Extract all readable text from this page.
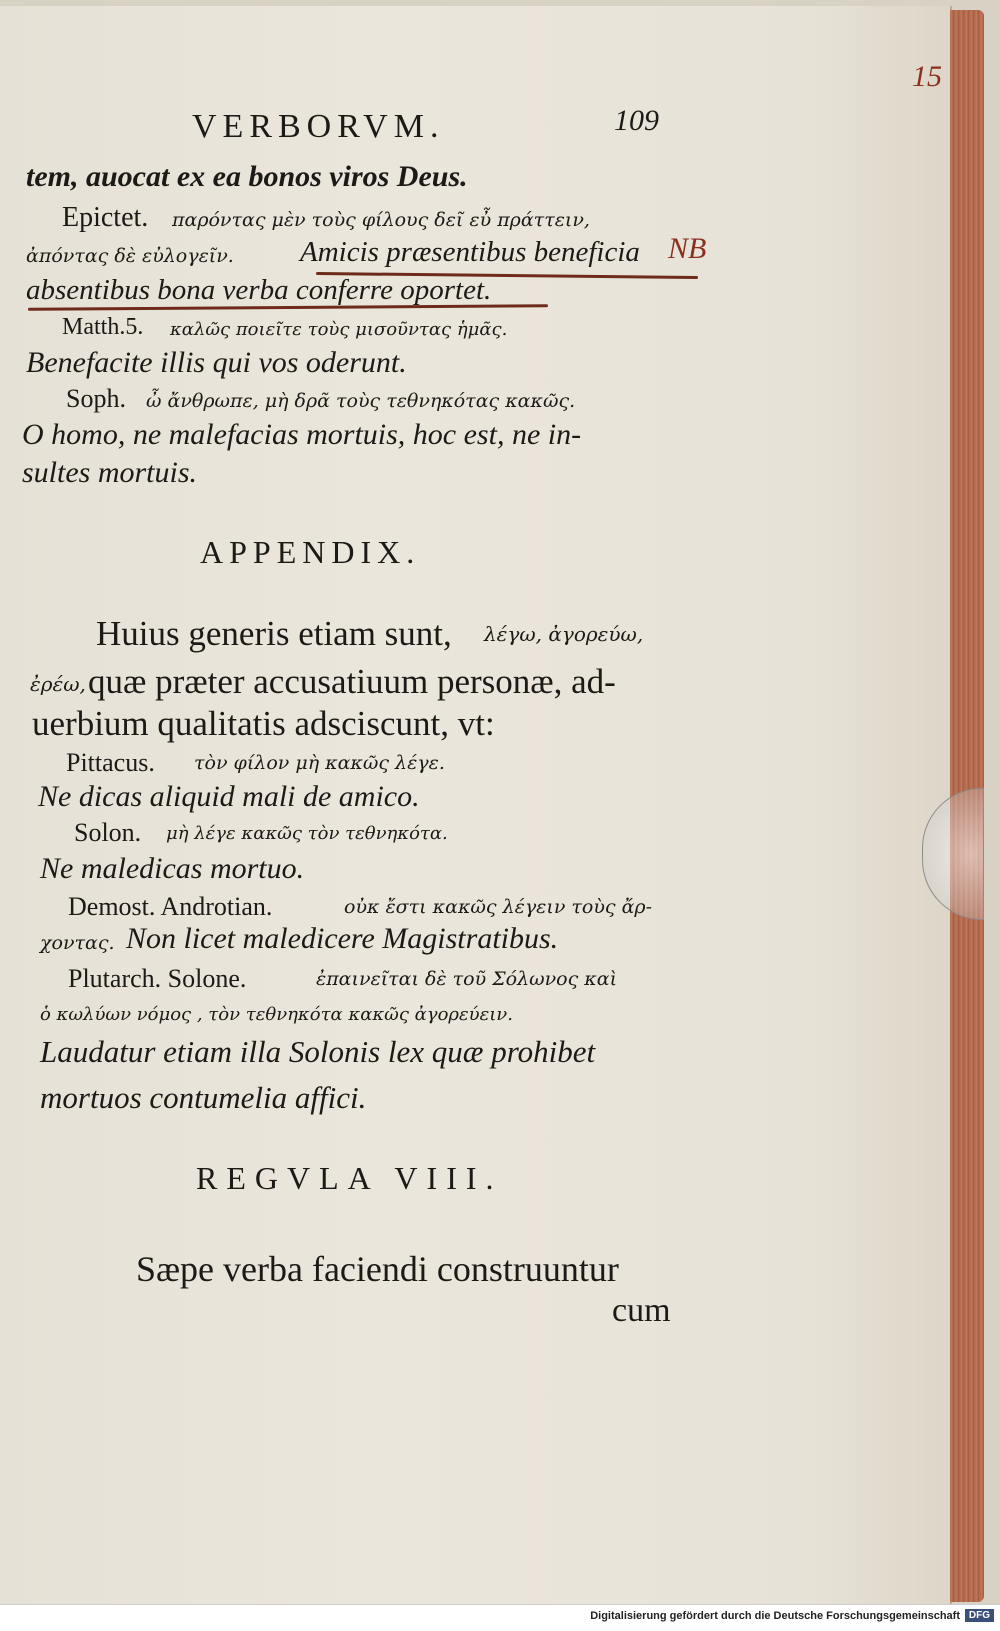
VERBORVM.	109
15
tem, auocat ex ea bonos viros Deus.
Epictet. παρόντας μὲν τοὺς φίλους δεῖ εὖ πράττειν,
ἀπόντας δὲ εὐλογεῖν. Amicis præsentibus beneficia NB
absentibus bona verba conferre oportet.
Matth.5. καλῶς ποιεῖτε τοὺς μισοῦντας ἡμᾶς.
Benefacite illis qui vos oderunt.
Soph. ὦ ἄνθρωπε, μὴ δρᾶ τοὺς τεθνηκότας κακῶς.
O homo, ne malefacias mortuis, hoc est, ne in-
sultes mortuis.
APPENDIX.
Huius generis etiam sunt, λέγω, ἀγορεύω,
ἐρέω, quæ præter accusatiuum personæ, ad-
uerbium qualitatis adsciscunt, vt:
Pittacus. τὸν φίλον μὴ κακῶς λέγε.
Ne dicas aliquid mali de amico.
Solon. μὴ λέγε κακῶς τὸν τεθνηκότα.
Ne maledicas mortuo.
Demost. Androtian.	οὐκ ἔστι κακῶς λέγειν τοὺς ἄρ-
χοντας. Non licet maledicere Magistratibus.
Plutarch. Solone.	ἐπαινεῖται δὲ τοῦ Σόλωνος καὶ
ὁ κωλύων νόμος , τὸν τεθνηκότα κακῶς ἀγορεύειν.
Laudatur etiam illa Solonis lex quæ prohibet
mortuos contumelia affici.
REGVLA VIII.
Sæpe verba faciendi construuntur
cum
Digitalisierung gefördert durch die Deutsche Forschungsgemeinschaft DFG
